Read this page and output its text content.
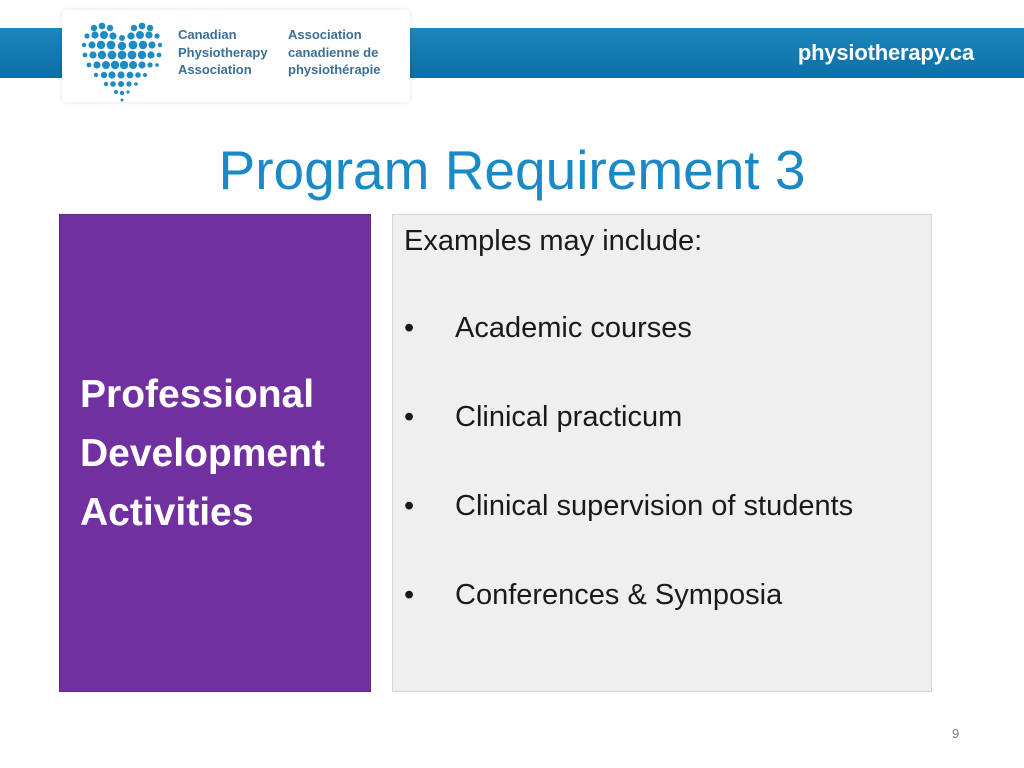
Canadian
Physiotherapy
Association
Association
canadienne de
physiothérapie
physiotherapy.ca
Program Requirement 3
Professional
Development
Activities

Examples may include:

• Academic courses
• Clinical practicum
• Clinical supervision of students
• Conferences & Symposia
9
